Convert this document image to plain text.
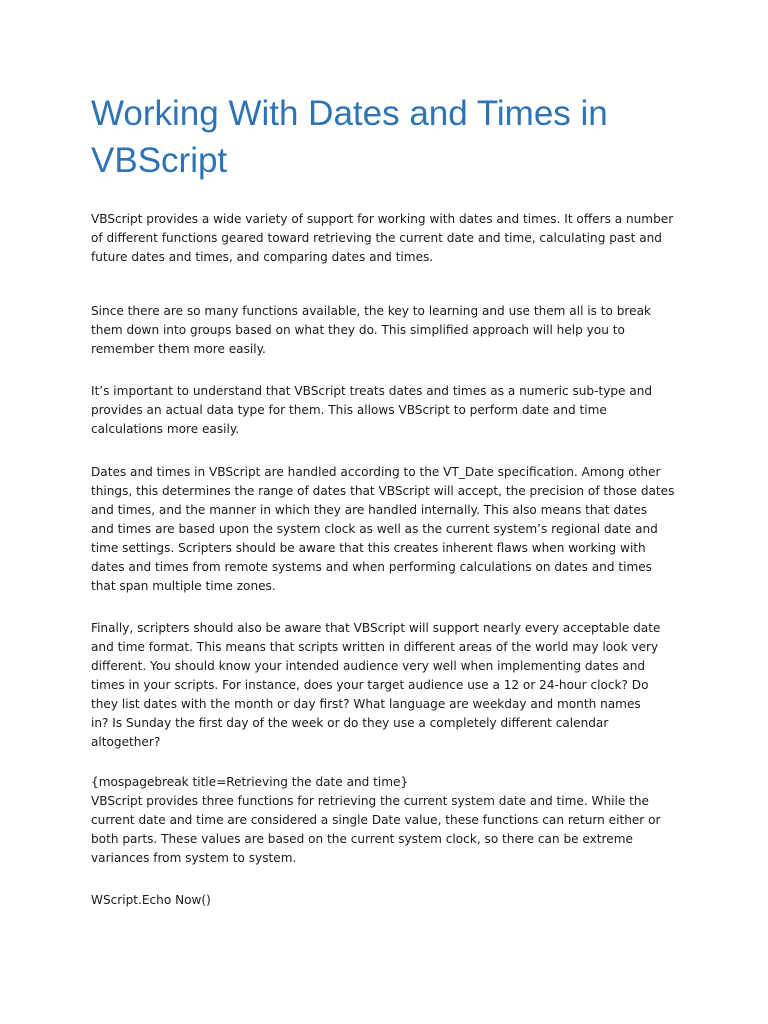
Working With Dates and Times in VBScript

VBScript provides a wide variety of support for working with dates and times. It offers a number
of different functions geared toward retrieving the current date and time, calculating past and
future dates and times, and comparing dates and times.

Since there are so many functions available, the key to learning and use them all is to break
them down into groups based on what they do. This simplified approach will help you to
remember them more easily.

It’s important to understand that VBScript treats dates and times as a numeric sub-type and
provides an actual data type for them. This allows VBScript to perform date and time
calculations more easily.

Dates and times in VBScript are handled according to the VT_Date specification. Among other
things, this determines the range of dates that VBScript will accept, the precision of those dates
and times, and the manner in which they are handled internally. This also means that dates
and times are based upon the system clock as well as the current system’s regional date and
time settings. Scripters should be aware that this creates inherent flaws when working with
dates and times from remote systems and when performing calculations on dates and times
that span multiple time zones.

Finally, scripters should also be aware that VBScript will support nearly every acceptable date
and time format. This means that scripts written in different areas of the world may look very
different. You should know your intended audience very well when implementing dates and
times in your scripts. For instance, does your target audience use a 12 or 24-hour clock? Do
they list dates with the month or day first? What language are weekday and month names
in? Is Sunday the first day of the week or do they use a completely different calendar
altogether?

{mospagebreak title=Retrieving the date and time}
VBScript provides three functions for retrieving the current system date and time. While the
current date and time are considered a single Date value, these functions can return either or
both parts. These values are based on the current system clock, so there can be extreme
variances from system to system.

WScript.Echo Now()
